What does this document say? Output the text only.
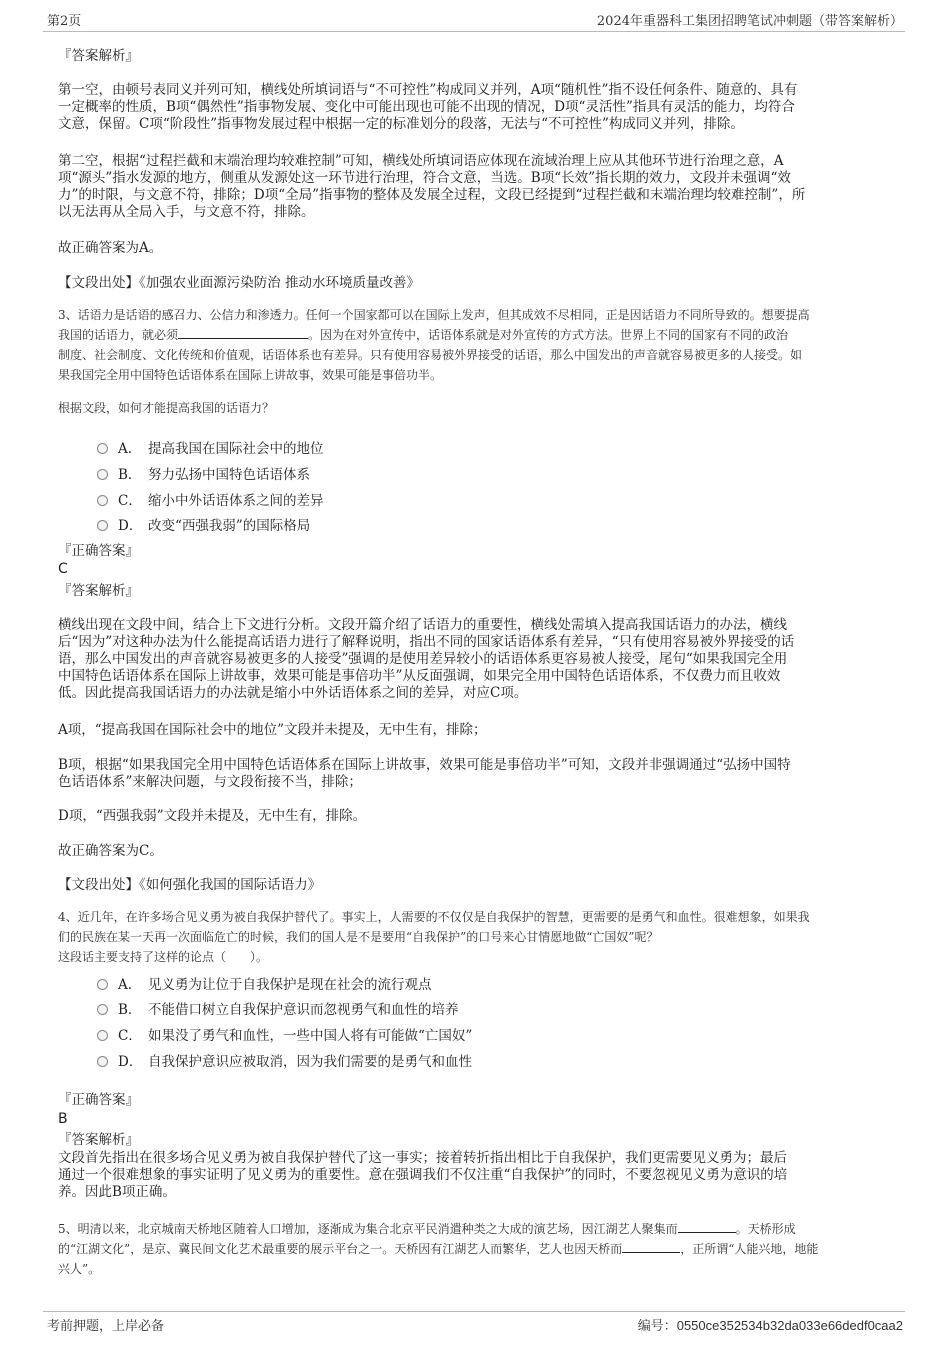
第2页	2024年重器科工集团招聘笔试冲刺题（带答案解析）
『答案解析』
第一空，由顿号表同义并列可知，横线处所填词语与“不可控性”构成同义并列，A项“随机性”指不设任何条件、随意的、具有
一定概率的性质，B项“偶然性”指事物发展、变化中可能出现也可能不出现的情况，D项“灵活性”指具有灵活的能力，均符合
文意，保留。C项“阶段性”指事物发展过程中根据一定的标准划分的段落，无法与“不可控性”构成同义并列，排除。
第二空，根据“过程拦截和末端治理均较难控制”可知，横线处所填词语应体现在流域治理上应从其他环节进行治理之意，A
项“源头”指水发源的地方，侧重从发源处这一环节进行治理，符合文意，当选。B项“长效”指长期的效力，文段并未强调“效
力”的时限，与文意不符，排除；D项“全局”指事物的整体及发展全过程，文段已经提到“过程拦截和末端治理均较难控制”，所
以无法再从全局入手，与文意不符，排除。
故正确答案为A。
【文段出处】《加强农业面源污染防治 推动水环境质量改善》
3、话语力是话语的感召力、公信力和渗透力。任何一个国家都可以在国际上发声，但其成效不尽相同，正是因话语力不同所导致的。想要提高
我国的话语力，就必须	。因为在对外宣传中，话语体系就是对外宣传的方式方法。世界上不同的国家有不同的政治
制度、社会制度、文化传统和价值观，话语体系也有差异。只有使用容易被外界接受的话语，那么中国发出的声音就容易被更多的人接受。如
果我国完全用中国特色话语体系在国际上讲故事，效果可能是事倍功半。
根据文段，如何才能提高我国的话语力？
A． 提高我国在国际社会中的地位
B． 努力弘扬中国特色话语体系
C． 缩小中外话语体系之间的差异
D． 改变“西强我弱”的国际格局
『正确答案』
C
『答案解析』
横线出现在文段中间，结合上下文进行分析。文段开篇介绍了话语力的重要性，横线处需填入提高我国话语力的办法，横线
后“因为”对这种办法为什么能提高话语力进行了解释说明，指出不同的国家话语体系有差异，“只有使用容易被外界接受的话
语，那么中国发出的声音就容易被更多的人接受”强调的是使用差异较小的话语体系更容易被人接受，尾句“如果我国完全用
中国特色话语体系在国际上讲故事，效果可能是事倍功半”从反面强调，如果完全用中国特色话语体系，不仅费力而且收效
低。因此提高我国话语力的办法就是缩小中外话语体系之间的差异，对应C项。
A项，“提高我国在国际社会中的地位”文段并未提及，无中生有，排除；
B项，根据“如果我国完全用中国特色话语体系在国际上讲故事，效果可能是事倍功半”可知，文段并非强调通过“弘扬中国特
色话语体系”来解决问题，与文段衔接不当，排除；
D项，“西强我弱”文段并未提及，无中生有，排除。
故正确答案为C。
【文段出处】《如何强化我国的国际话语力》
4、近几年，在许多场合见义勇为被自我保护替代了。事实上，人需要的不仅仅是自我保护的智慧，更需要的是勇气和血性。很难想象，如果我
们的民族在某一天再一次面临危亡的时候，我们的国人是不是要用“自我保护”的口号来心甘情愿地做“亡国奴”呢？
这段话主要支持了这样的论点（　　）。
A． 见义勇为让位于自我保护是现在社会的流行观点
B． 不能借口树立自我保护意识而忽视勇气和血性的培养
C． 如果没了勇气和血性，一些中国人将有可能做“亡国奴”
D． 自我保护意识应被取消，因为我们需要的是勇气和血性
『正确答案』
B
『答案解析』
文段首先指出在很多场合见义勇为被自我保护替代了这一事实；接着转折指出相比于自我保护，我们更需要见义勇为；最后
通过一个很难想象的事实证明了见义勇为的重要性。意在强调我们不仅注重“自我保护”的同时，不要忽视见义勇为意识的培
养。因此B项正确。
5、明清以来，北京城南天桥地区随着人口增加，逐渐成为集合北京平民消遣种类之大成的演艺场，因江湖艺人聚集而	。天桥形成
的“江湖文化”，是京、冀民间文化艺术最重要的展示平台之一。天桥因有江湖艺人而繁华，艺人也因天桥而	，正所谓“人能兴地，地能
兴人”。
考前押题，上岸必备	编号：0550ce352534b32da033e66dedf0caa2
